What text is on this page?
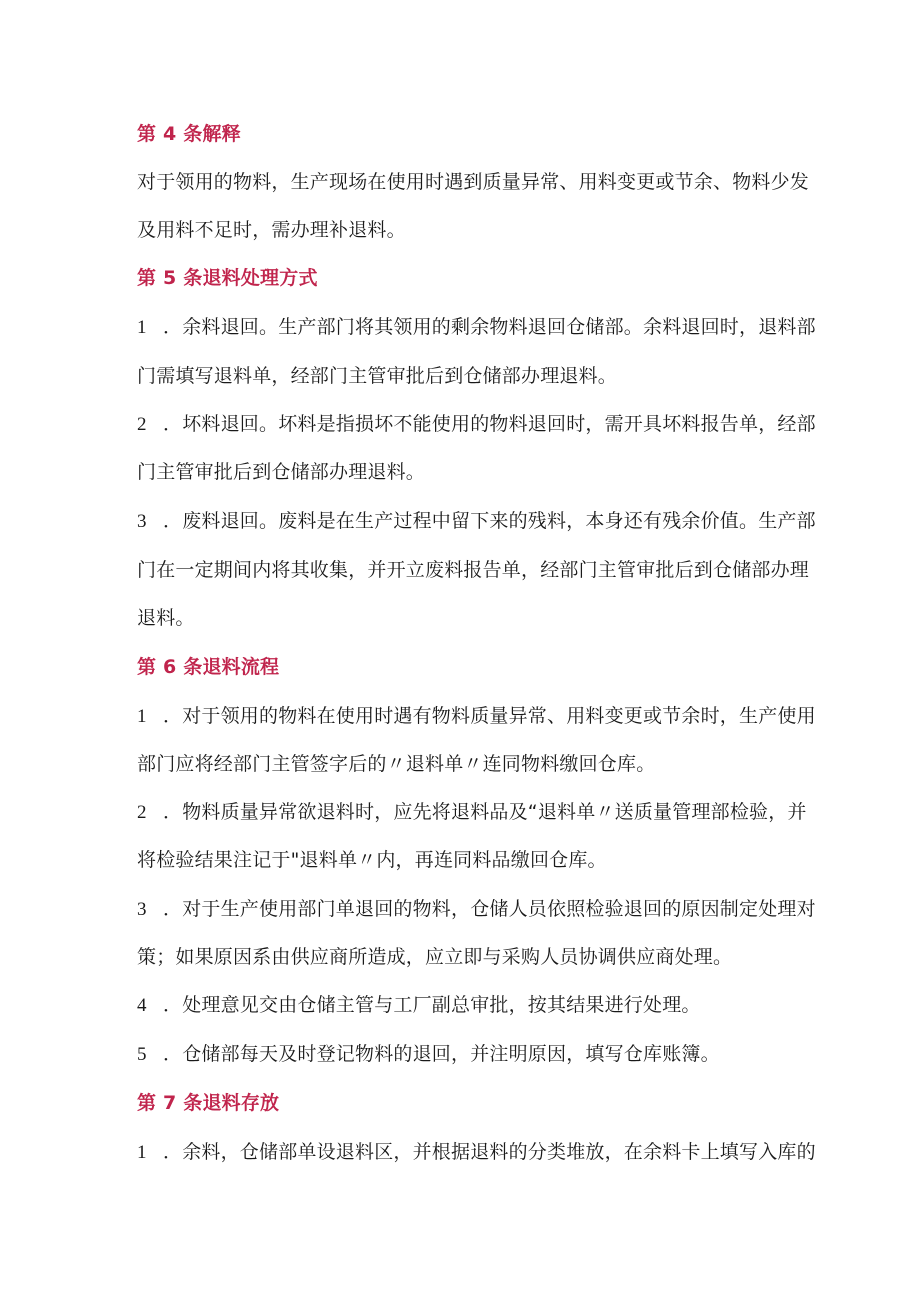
第 4 条解释
对于领用的物料，生产现场在使用时遇到质量异常、用料变更或节余、物料少发
及用料不足时，需办理补退料。
第 5 条退料处理方式
1 ．余料退回。生产部门将其领用的剩余物料退回仓储部。余料退回时，退料部
门需填写退料单，经部门主管审批后到仓储部办理退料。
2 ．坏料退回。坏料是指损坏不能使用的物料退回时，需开具坏料报告单，经部
门主管审批后到仓储部办理退料。
3 ．废料退回。废料是在生产过程中留下来的残料，本身还有残余价值。生产部
门在一定期间内将其收集，并开立废料报告单，经部门主管审批后到仓储部办理
退料。
第 6 条退料流程
1 ．对于领用的物料在使用时遇有物料质量异常、用料变更或节余时，生产使用
部门应将经部门主管签字后的〃退料单〃连同物料缴回仓库。
2 ．物料质量异常欲退料时，应先将退料品及“退料单〃送质量管理部检验，并
将检验结果注记于"退料单〃内，再连同料品缴回仓库。
3 ．对于生产使用部门单退回的物料，仓储人员依照检验退回的原因制定处理对
策；如果原因系由供应商所造成，应立即与采购人员协调供应商处理。
4 ．处理意见交由仓储主管与工厂副总审批，按其结果进行处理。
5 ．仓储部每天及时登记物料的退回，并注明原因，填写仓库账簿。
第 7 条退料存放
1 ．余料，仓储部单设退料区，并根据退料的分类堆放，在余料卡上填写入库的
